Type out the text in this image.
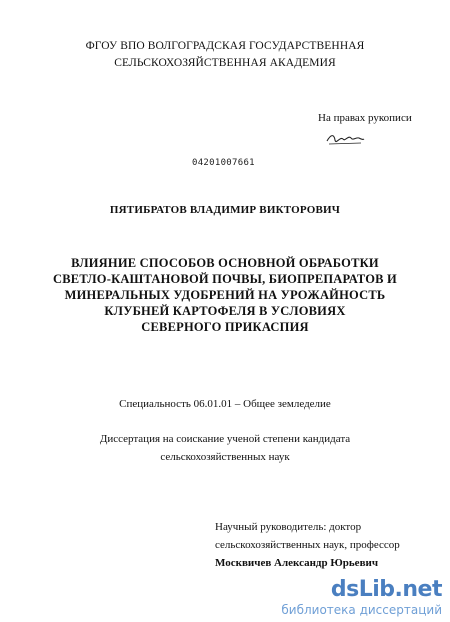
ФГОУ ВПО ВОЛГОГРАДСКАЯ ГОСУДАРСТВЕННАЯ
СЕЛЬСКОХОЗЯЙСТВЕННАЯ АКАДЕМИЯ
На правах рукописи
04201007661
ПЯТИБРАТОВ ВЛАДИМИР ВИКТОРОВИЧ
ВЛИЯНИЕ СПОСОБОВ ОСНОВНОЙ ОБРАБОТКИ
СВЕТЛО-КАШТАНОВОЙ ПОЧВЫ, БИОПРЕПАРАТОВ И
МИНЕРАЛЬНЫХ УДОБРЕНИЙ НА УРОЖАЙНОСТЬ
КЛУБНЕЙ КАРТОФЕЛЯ В УСЛОВИЯХ
СЕВЕРНОГО ПРИКАСПИЯ
Специальность 06.01.01 – Общее земледелие
Диссертация на соискание ученой степени кандидата
сельскохозяйственных наук
Научный руководитель: доктор
сельскохозяйственных наук, профессор
Москвичев Александр Юрьевич
dsLib.net
библиотека диссертаций
